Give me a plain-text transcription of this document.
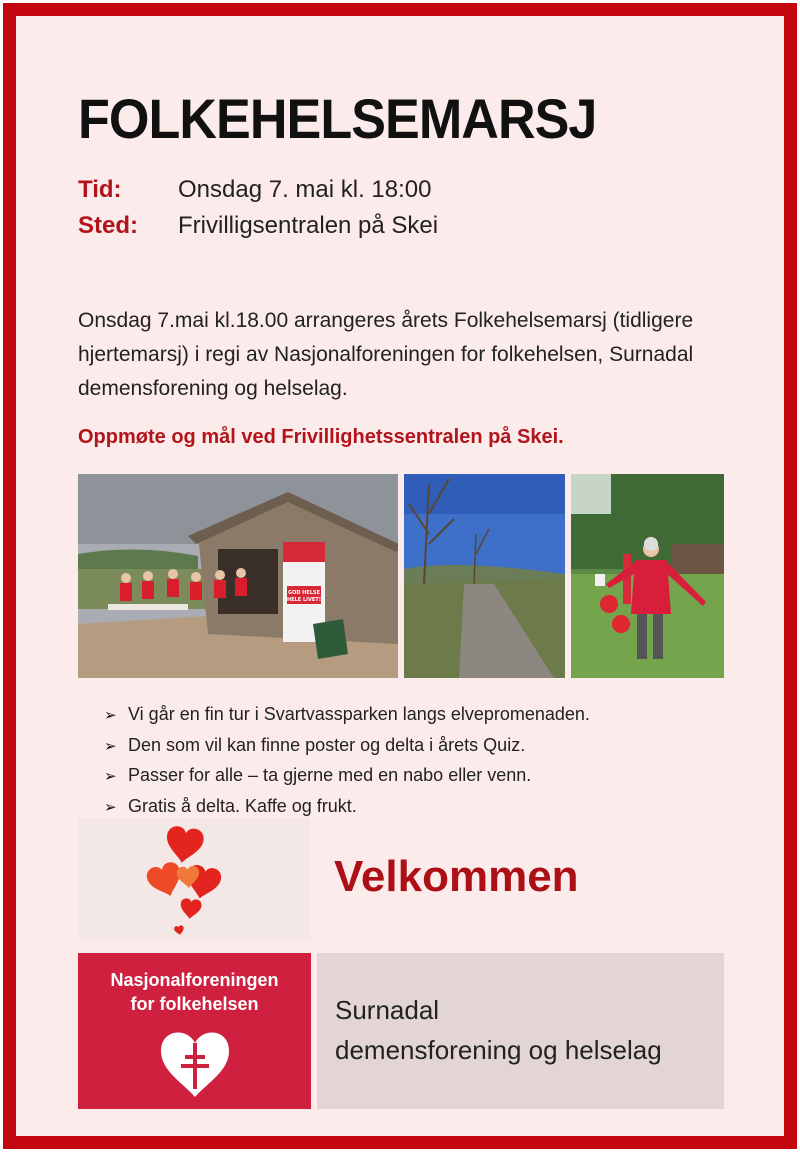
FOLKEHELSEMARSJ
Tid: Onsdag 7. mai kl. 18:00
Sted: Frivilligsentralen på Skei

Onsdag 7.mai kl.18.00 arrangeres årets Folkehelsemarsj (tidligere hjertemarsj) i regi av Nasjonalforeningen for folkehelsen, Surnadal demensforening og helselag.

Oppmøte og mål ved Frivillighetssentralen på Skei.

GOD HELSE
HELE LIVET!
➢ Vi går en fin tur i Svartvassparken langs elvepromenaden.
➢ Den som vil kan finne poster og delta i årets Quiz.
➢ Passer for alle – ta gjerne med en nabo eller venn.
➢ Gratis å delta. Kaffe og frukt.

Velkommen

Nasjonalforeningen
for folkehelsen	Surnadal
demensforening og helselag
